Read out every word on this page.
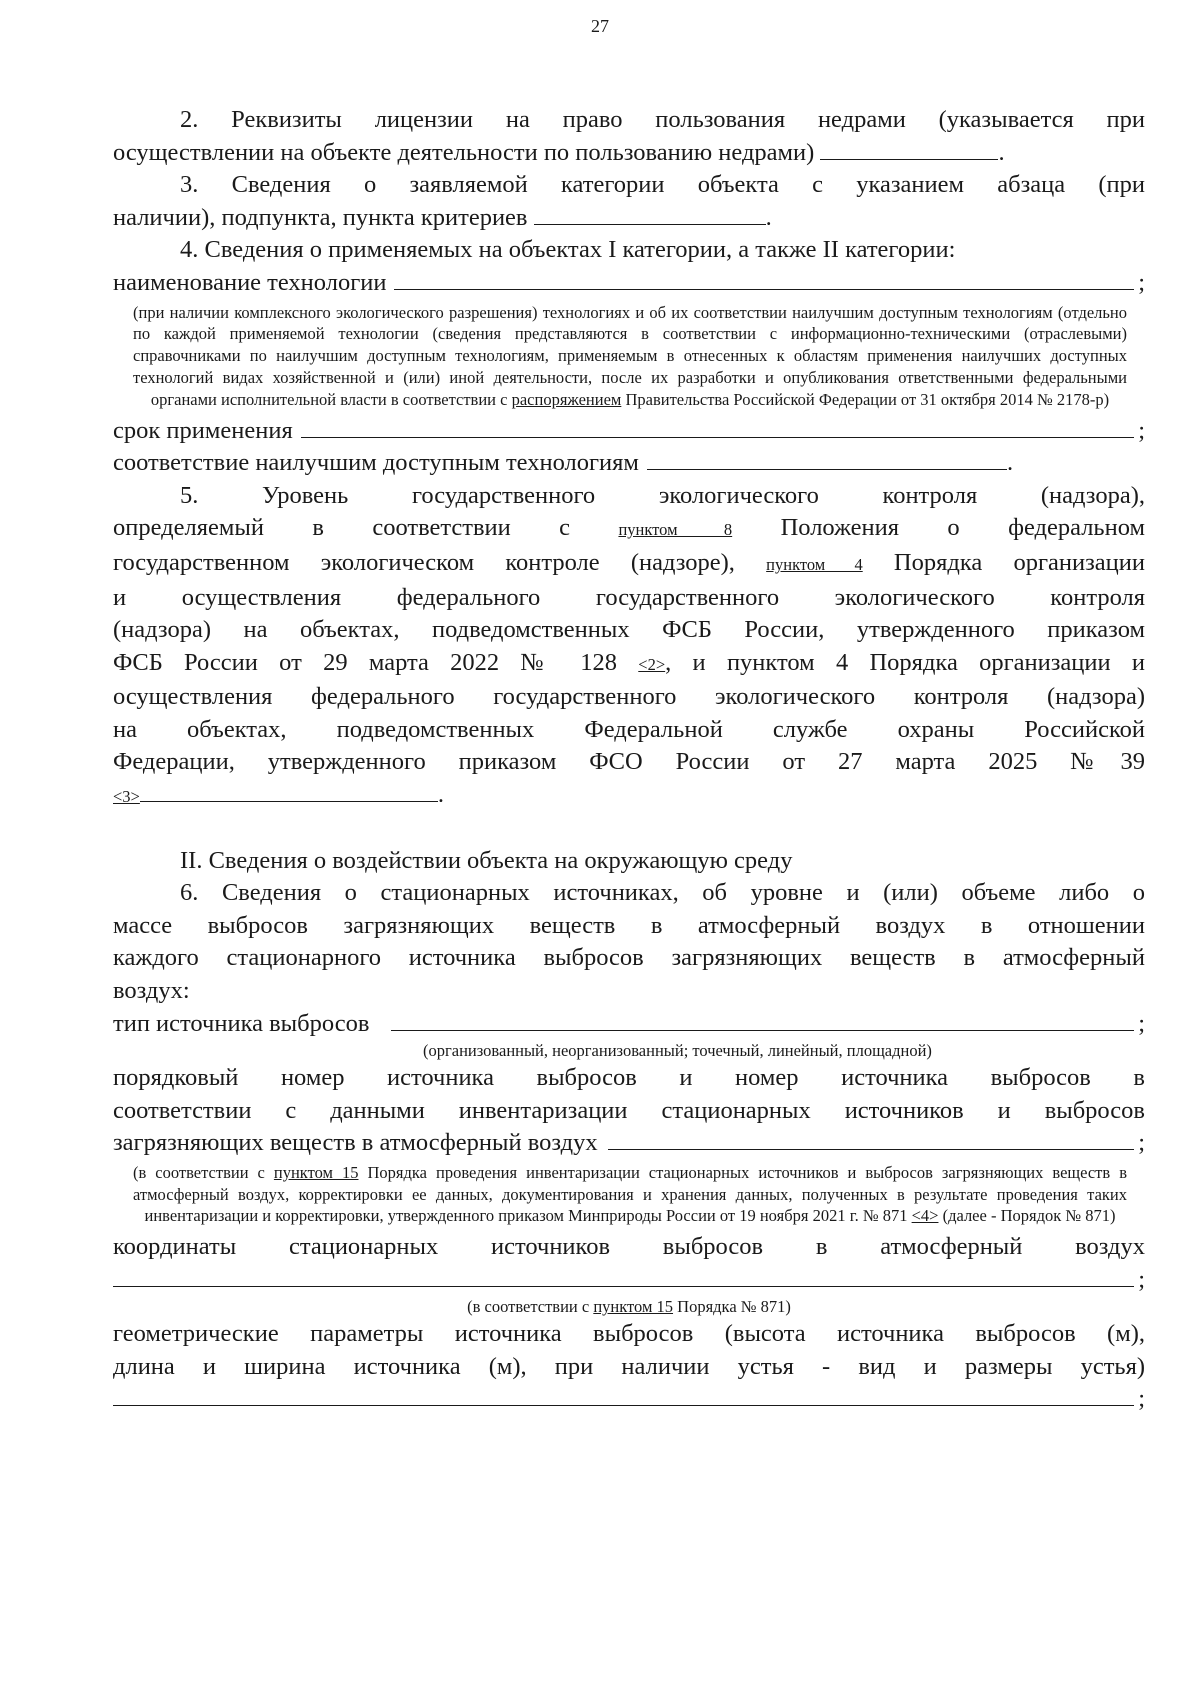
27

2. Реквизиты лицензии на право пользования недрами (указывается при

осуществлении на объекте деятельности по пользованию недрами)	.

3. Сведения о заявляемой категории объекта с указанием абзаца (при

наличии), подпункта, пункта критериев	.

4. Сведения о применяемых на объектах I категории, а также II категории:

наименование технологии	;

(при наличии комплексного экологического разрешения) технологиях и об их соответствии наилучшим доступным технологиям (отдельно по каждой применяемой технологии (сведения представляются в соответствии с информационно-техническими (отраслевыми) справочниками по наилучшим доступным технологиям, применяемым в отнесенных к областям применения наилучших доступных технологий видах хозяйственной и (или) иной деятельности, после их разработки и опубликования ответственными федеральными органами исполнительной власти в соответствии с распоряжением Правительства Российской Федерации от 31 октября 2014 № 2178-р)

срок применения	;
соответствие наилучшим доступным технологиям	.

5. Уровень государственного экологического контроля (надзора),

определяемый в соответствии с	пунктом 8 Положения о федеральном

государственном экологическом контроле (надзоре), пунктом 4 Порядка организации

и осуществления федерального государственного экологического контроля

(надзора) на объектах, подведомственных ФСБ России, утвержденного приказом

ФСБ России от 29 марта 2022 № 128 <2>, и пунктом 4 Порядка организации и

осуществления федерального государственного экологического контроля (надзора)

на объектах, подведомственных Федеральной службе охраны Российской

Федерации, утвержденного приказом ФСО России от 27 марта 2025 №39

<3>	.

II. Сведения о воздействии объекта на окружающую среду

6. Сведения о стационарных источниках, об уровне и (или) объеме либо о

массе выбросов загрязняющих веществ в атмосферный воздух в отношении

каждого стационарного источника выбросов загрязняющих веществ в атмосферный

воздух:

тип источника выбросов	;

(организованный, неорганизованный; точечный, линейный, площадной)

порядковый номер источника выбросов и номер источника выбросов в

соответствии с данными инвентаризации стационарных источников и выбросов

загрязняющих веществ в атмосферный воздух	;

(в соответствии с пунктом 15 Порядка проведения инвентаризации стационарных источников и выбросов загрязняющих веществ в атмосферный воздух, корректировки ее данных, документирования и хранения данных, полученных в результате проведения таких инвентаризации и корректировки, утвержденного приказом Минприроды России от 19 ноября 2021 г. № 871 <4> (далее - Порядок № 871)

координаты стационарных источников выбросов в атмосферный воздух

;

(в соответствии с пунктом 15 Порядка № 871)

геометрические параметры источника выбросов (высота источника выбросов (м),

длина и ширина источника (м), при наличии устья - вид и размеры устья)

;
